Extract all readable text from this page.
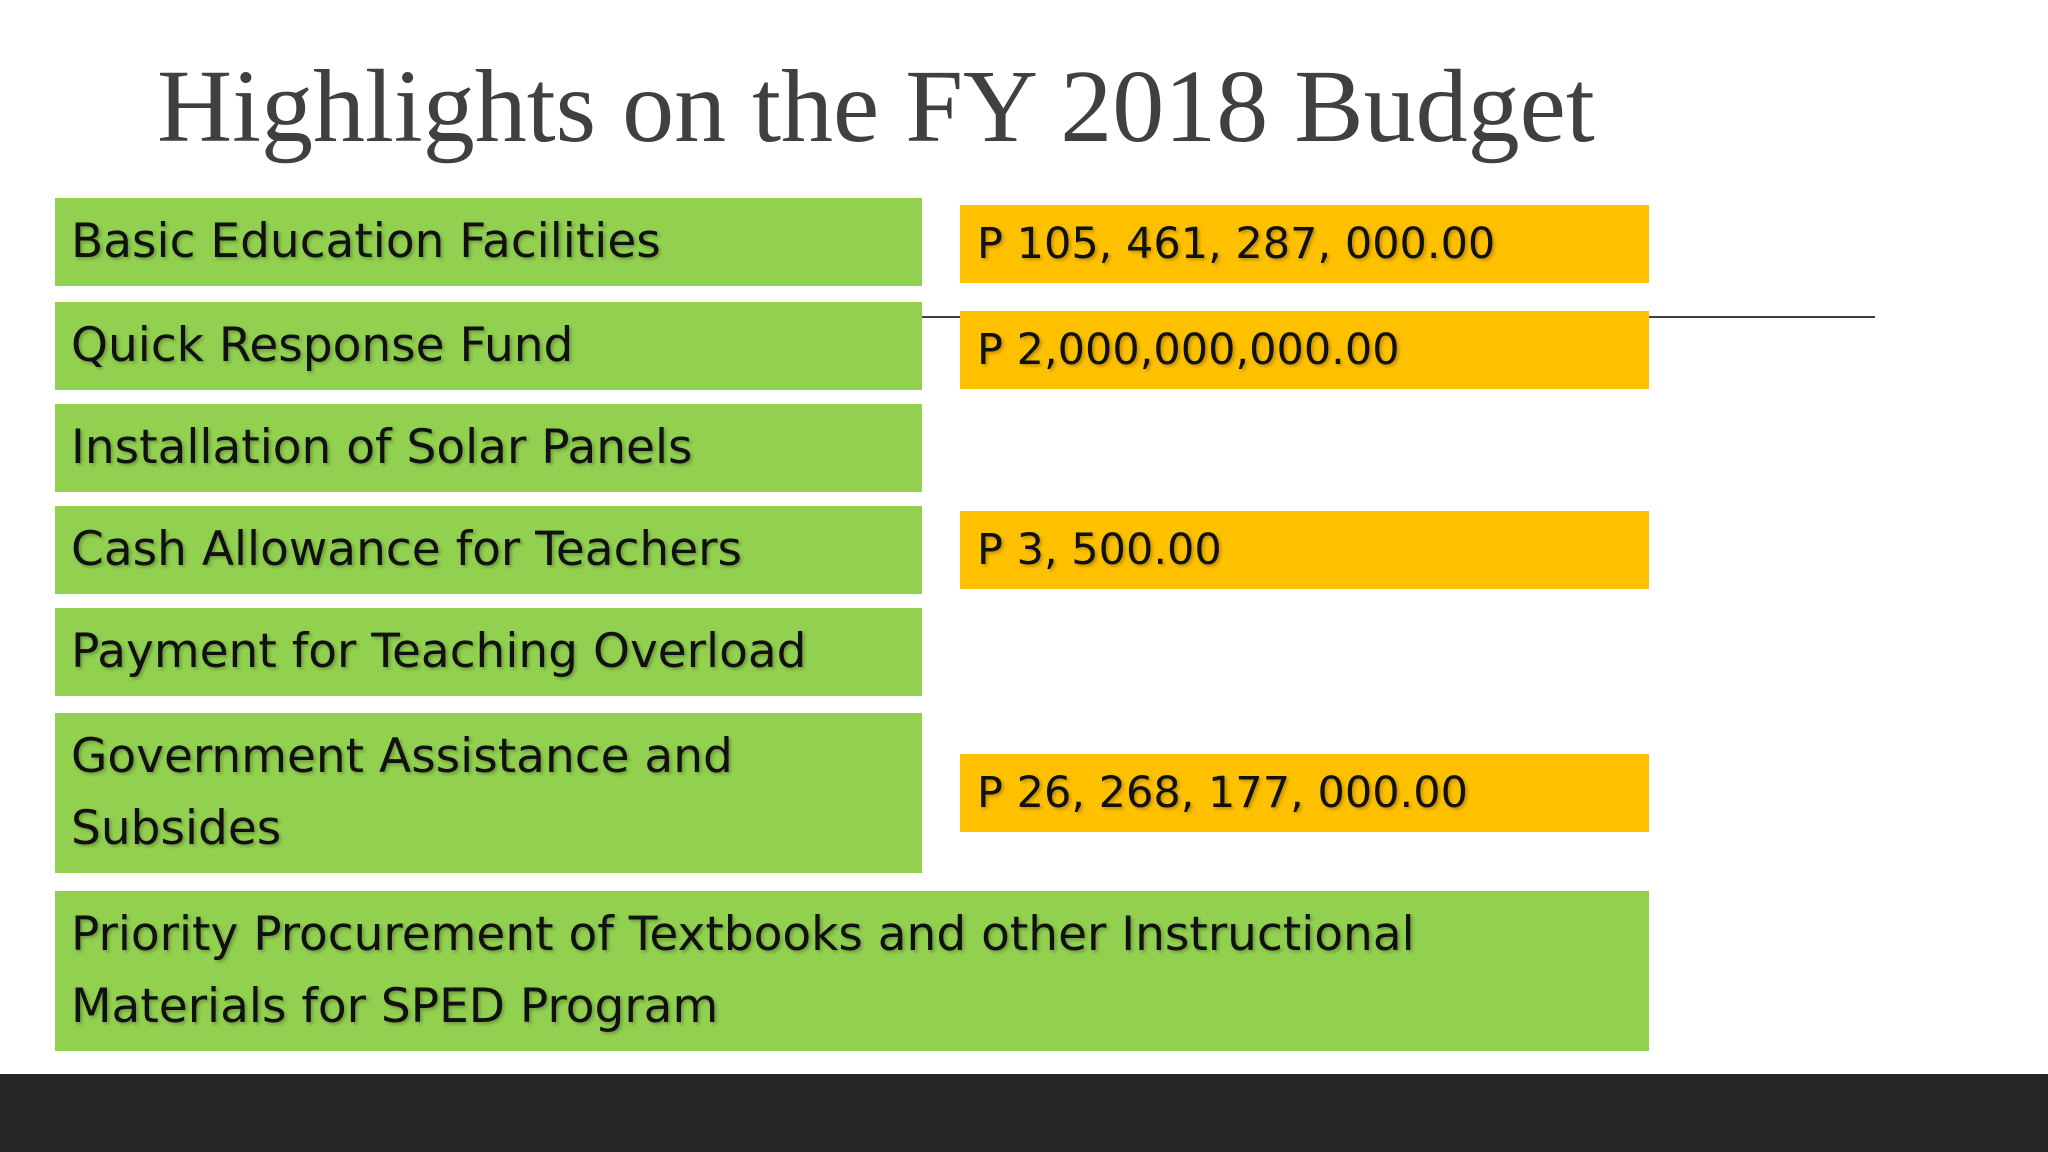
Highlights on the FY 2018 Budget
Basic Education Facilities
Quick Response Fund
Installation of Solar Panels
Cash Allowance for Teachers
Payment for Teaching Overload
Government Assistance and Subsides
Priority Procurement of Textbooks and other Instructional Materials for SPED Program
P 105, 461, 287, 000.00
P 2,000,000,000.00
P 3, 500.00
P 26, 268, 177, 000.00
